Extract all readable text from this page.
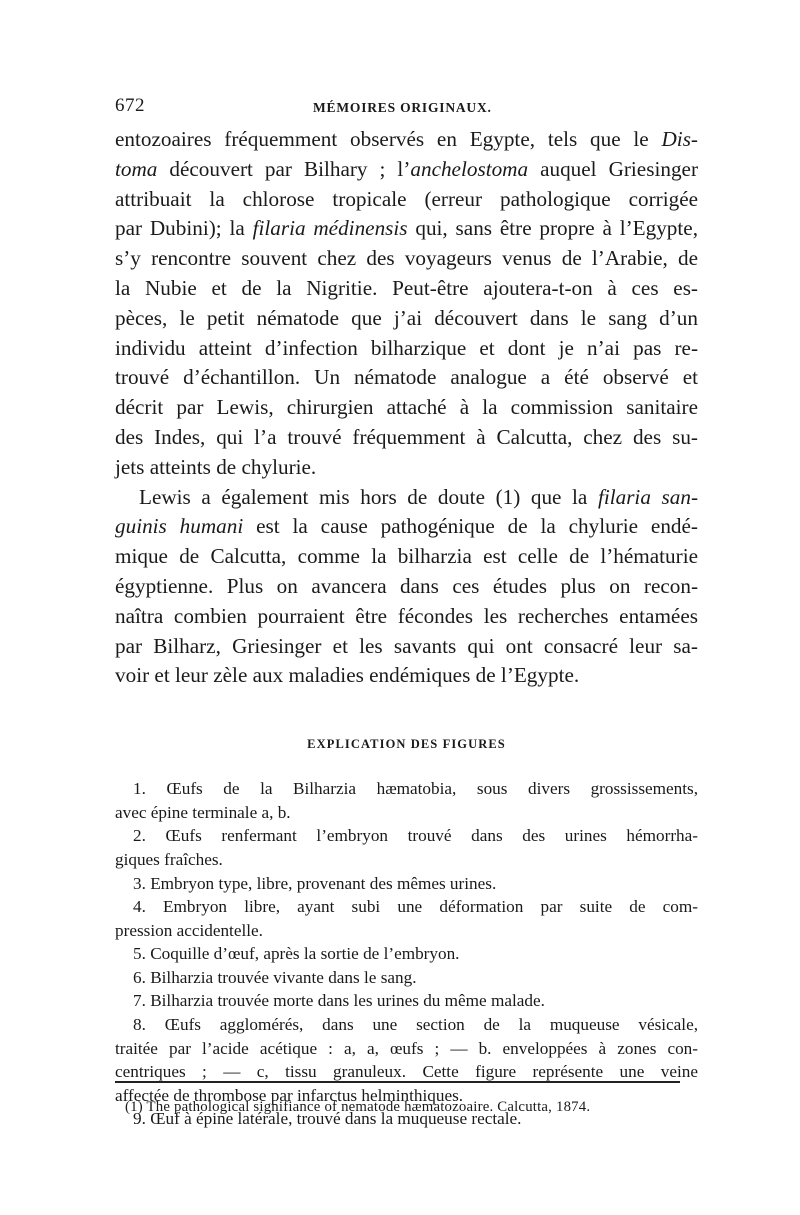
672	MÉMOIRES ORIGINAUX.
entozoaires fréquemment observés en Egypte, tels que le Dis-
toma découvert par Bilhary ; l’anchelostoma auquel Griesinger
attribuait la chlorose tropicale (erreur pathologique corrigée
par Dubini); la filaria médinensis qui, sans être propre à l’Egypte,
s’y rencontre souvent chez des voyageurs venus de l’Arabie, de
la Nubie et de la Nigritie. Peut-être ajoutera-t-on à ces es-
pèces, le petit nématode que j’ai découvert dans le sang d’un
individu atteint d’infection bilharzique et dont je n’ai pas re-
trouvé d’échantillon. Un nématode analogue a été observé et
décrit par Lewis, chirurgien attaché à la commission sanitaire
des Indes, qui l’a trouvé fréquemment à Calcutta, chez des su-
jets atteints de chylurie.
Lewis a également mis hors de doute (1) que la filaria san-
guinis humani est la cause pathogénique de la chylurie endé-
mique de Calcutta, comme la bilharzia est celle de l’hématurie
égyptienne. Plus on avancera dans ces études plus on recon-
naîtra combien pourraient être fécondes les recherches entamées
par Bilharz, Griesinger et les savants qui ont consacré leur sa-
voir et leur zèle aux maladies endémiques de l’Egypte.
EXPLICATION DES FIGURES
1. Œufs de la Bilharzia hæmatobia, sous divers grossissements,
avec épine terminale a, b.
2. Œufs renfermant l’embryon trouvé dans des urines hémorrha-
giques fraîches.
3. Embryon type, libre, provenant des mêmes urines.
4. Embryon libre, ayant subi une déformation par suite de com-
pression accidentelle.
5. Coquille d’œuf, après la sortie de l’embryon.
6. Bilharzia trouvée vivante dans le sang.
7. Bilharzia trouvée morte dans les urines du même malade.
8. Œufs agglomérés, dans une section de la muqueuse vésicale,
traitée par l’acide acétique : a, a, œufs ; — b. enveloppées à zones con-
centriques ; — c, tissu granuleux. Cette figure représente une veine
affectée de thrombose par infarctus helminthiques.
9. Œuf à épine latérale, trouvé dans la muqueuse rectale.
(1) The pathological signifiance of nematode hæmatozoaire. Calcutta, 1874.
